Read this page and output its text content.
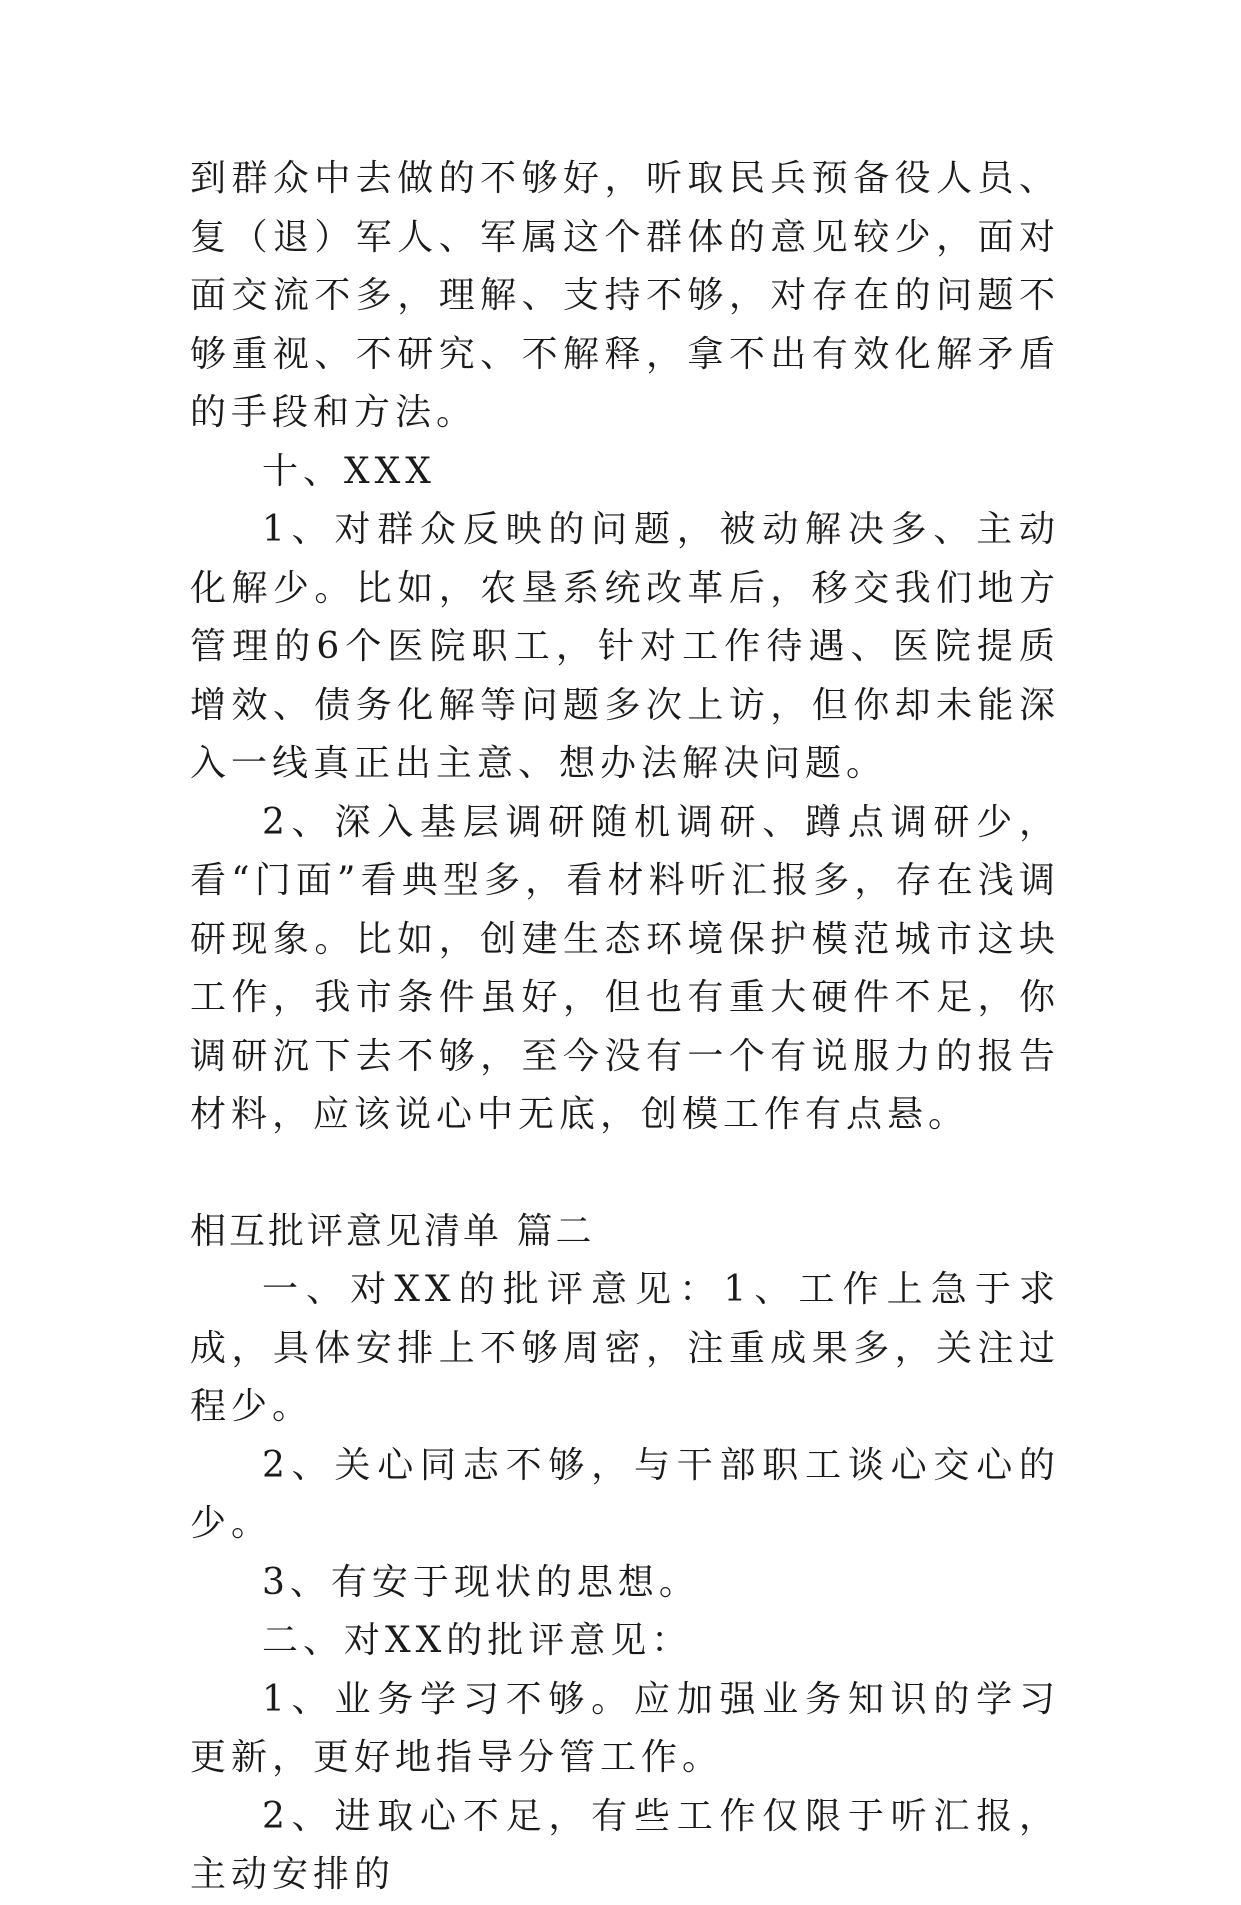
到群众中去做的不够好，听取民兵预备役人员、复（退）军人、军属这个群体的意见较少，面对面交流不多，理解、支持不够，对存在的问题不够重视、不研究、不解释，拿不出有效化解矛盾的手段和方法。

十、XXX

1、对群众反映的问题，被动解决多、主动化解少。比如，农垦系统改革后，移交我们地方管理的6个医院职工，针对工作待遇、医院提质增效、债务化解等问题多次上访，但你却未能深入一线真正出主意、想办法解决问题。

2、深入基层调研随机调研、蹲点调研少，看“门面”看典型多，看材料听汇报多，存在浅调研现象。比如，创建生态环境保护模范城市这块工作，我市条件虽好，但也有重大硬件不足，你调研沉下去不够，至今没有一个有说服力的报告材料，应该说心中无底，创模工作有点悬。

相互批评意见清单 篇二

一、对XX的批评意见：1、工作上急于求成，具体安排上不够周密，注重成果多，关注过程少。

2、关心同志不够，与干部职工谈心交心的少。

3、有安于现状的思想。

二、对XX的批评意见：

1、业务学习不够。应加强业务知识的学习更新，更好地指导分管工作。

2、进取心不足，有些工作仅限于听汇报，主动安排的
